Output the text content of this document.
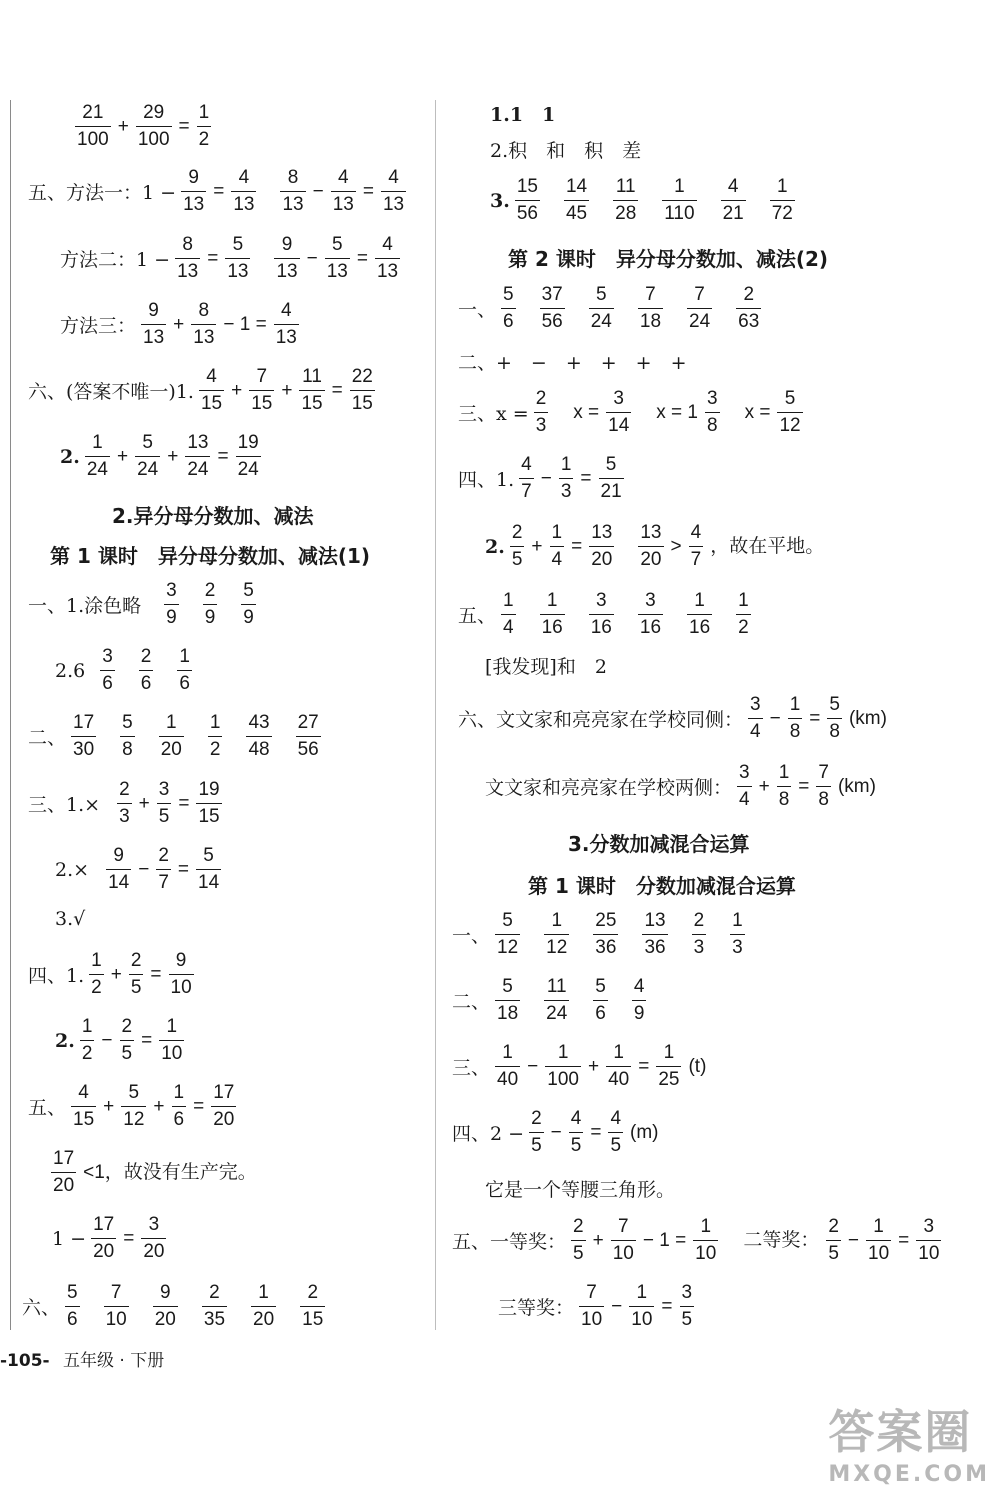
$\frac{21}{100} + \frac{29}{100} = \frac{1}{2}$
五、方法一：$1 - \frac{9}{13} = \frac{4}{13} \frac{8}{13} - \frac{4}{13} = \frac{4}{13}$
方法二：$1 - \frac{8}{13} = \frac{5}{13} \frac{9}{13} - \frac{5}{13} = \frac{4}{13}$
方法三： $\frac{9}{13} + \frac{8}{13} - 1 = \frac{4}{13}$
六、(答案不唯一)1. $\frac{4}{15} + \frac{7}{15} + \frac{11}{15} = \frac{22}{15}$
2. $\frac{1}{24} + \frac{5}{24} + \frac{13}{24} = \frac{19}{24}$
2.异分母分数加、减法
第 1 课时　异分母分数加、减法(1)
一、1.涂色略 $\frac{3}{9} \frac{2}{9} \frac{5}{9}$
$2.6 \frac{3}{6} \frac{2}{6} \frac{1}{6}$
二、 $\frac{17}{30} \frac{5}{8} \frac{1}{20} \frac{1}{2} \frac{43}{48} \frac{27}{56}$
三、$1.\times \frac{2}{3} + \frac{3}{5} = \frac{19}{15}$
$2.\times \frac{9}{14} - \frac{2}{7} = \frac{5}{14}$
3.√
四、1. $\frac{1}{2} + \frac{2}{5} = \frac{9}{10}$
2. $\frac{1}{2} - \frac{2}{5} = \frac{1}{10}$
五、 $\frac{4}{15} + \frac{5}{12} + \frac{1}{6} = \frac{17}{20}$
$\frac{17}{20} <1$，故没有生产完。
$1 - \frac{17}{20} = \frac{3}{20}$
六、 $\frac{5}{6} \frac{7}{10} \frac{9}{20} \frac{2}{35} \frac{1}{20} \frac{2}{15}$
1.1　1
2.积　和　积　差
3. $\frac{15}{56} \frac{14}{45} \frac{11}{28} \frac{1}{110} \frac{4}{21} \frac{1}{72}$
第 2 课时　异分母分数加、减法(2)
一、 $\frac{5}{6} \frac{37}{56} \frac{5}{24} \frac{7}{18} \frac{7}{24} \frac{2}{63}$
二、+　−　+　+　+　+
三、$x = \frac{2}{3}$ $x = \frac{3}{14}$ $x = 1 \frac{3}{8}$ $x = \frac{5}{12}$
四、1. $\frac{4}{7} - \frac{1}{3} = \frac{5}{21}$
2. $\frac{2}{5} + \frac{1}{4} = \frac{13}{20} \frac{13}{20} > \frac{4}{7}$ ，故在平地。
五、 $\frac{1}{4} \frac{1}{16} \frac{3}{16} \frac{3}{16} \frac{1}{16} \frac{1}{2}$
[我发现]和　2
六、文文家和亮亮家在学校同侧： $\frac{3}{4} - \frac{1}{8} = \frac{5}{8} (km)$
文文家和亮亮家在学校两侧： $\frac{3}{4} + \frac{1}{8} = \frac{7}{8} (km)$
3.分数加减混合运算
第 1 课时　分数加减混合运算
一、 $\frac{5}{12} \frac{1}{12} \frac{25}{36} \frac{13}{36} \frac{2}{3} \frac{1}{3}$
二、 $\frac{5}{18} \frac{11}{24} \frac{5}{6} \frac{4}{9}$
三、 $\frac{1}{40} - \frac{1}{100} + \frac{1}{40} = \frac{1}{25} (t)$
四、$2 - \frac{2}{5} - \frac{4}{5} = \frac{4}{5} (m)$
它是一个等腰三角形。
五、一等奖： $\frac{2}{5} + \frac{7}{10} - 1 = \frac{1}{10}$ 二等奖： $\frac{2}{5} - \frac{1}{10} = \frac{3}{10}$
三等奖： $\frac{7}{10} - \frac{1}{10} = \frac{3}{5}$
-105- 五年级 · 下册
答案圈
MXQE.COM
